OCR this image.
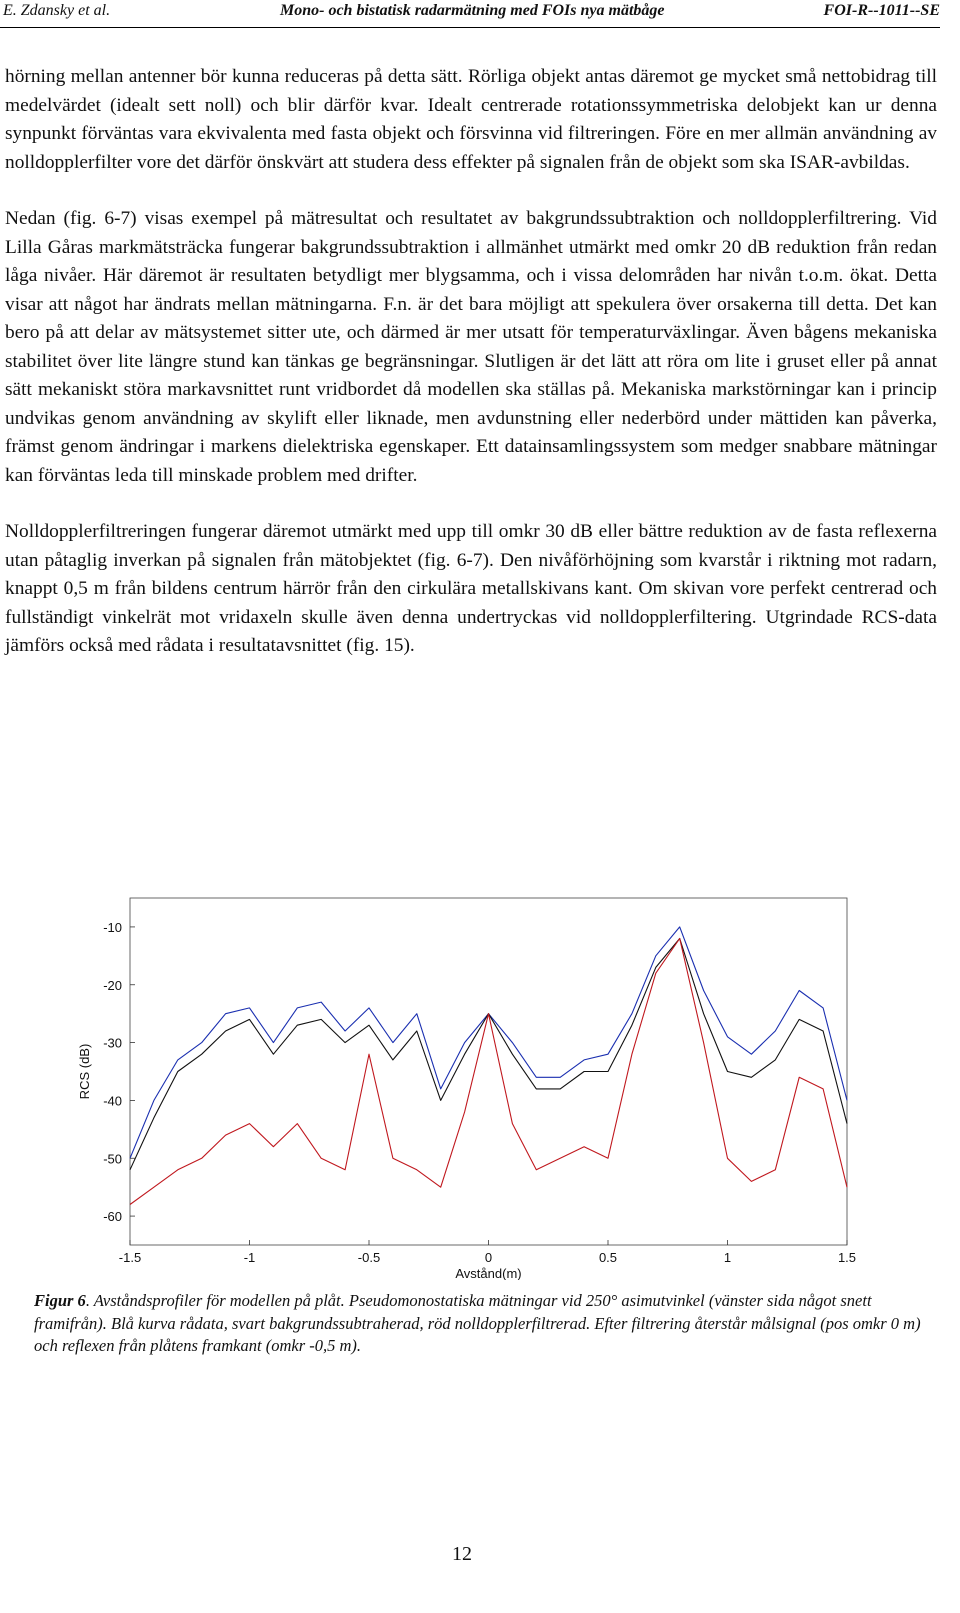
E. Zdansky et al.	Mono- och bistatisk radarmätning med FOIs nya mätbåge	FOI-R--1011--SE

hörning mellan antenner bör kunna reduceras på detta sätt. Rörliga objekt antas däremot ge mycket små nettobidrag till medelvärdet (idealt sett noll) och blir därför kvar. Idealt centrerade rotationssymmetriska delobjekt kan ur denna synpunkt förväntas vara ekvivalenta med fasta objekt och försvinna vid filtreringen. Före en mer allmän användning av nolldopplerfilter vore det därför önskvärt att studera dess effekter på signalen från de objekt som ska ISAR-avbildas.

Nedan (fig. 6-7) visas exempel på mätresultat och resultatet av bakgrundssubtraktion och nolldopplerfiltrering. Vid Lilla Gåras markmätsträcka fungerar bakgrundssubtraktion i allmänhet utmärkt med omkr 20 dB reduktion från redan låga nivåer. Här däremot är resultaten betydligt mer blygsamma, och i vissa delområden har nivån t.o.m. ökat. Detta visar att något har ändrats mellan mätningarna. F.n. är det bara möjligt att spekulera över orsakerna till detta. Det kan bero på att delar av mätsystemet sitter ute, och därmed är mer utsatt för temperaturväxlingar. Även bågens mekaniska stabilitet över lite längre stund kan tänkas ge begränsningar. Slutligen är det lätt att röra om lite i gruset eller på annat sätt mekaniskt störa markavsnittet runt vridbordet då modellen ska ställas på. Mekaniska markstörningar kan i princip undvikas genom användning av skylift eller liknade, men avdunstning eller nederbörd under mättiden kan påverka, främst genom ändringar i markens dielektriska egenskaper. Ett datainsamlingssystem som medger snabbare mätningar kan förväntas leda till minskade problem med drifter.

Nolldopplerfiltreringen fungerar däremot utmärkt med upp till omkr 30 dB eller bättre reduktion av de fasta reflexerna utan påtaglig inverkan på signalen från mätobjektet (fig. 6-7). Den nivåförhöjning som kvarstår i riktning mot radarn, knappt 0,5 m från bildens centrum härrör från den cirkulära metallskivans kant. Om skivan vore perfekt centrerad och fullständigt vinkelrät mot vridaxeln skulle även denna undertryckas vid nolldopplerfiltering. Utgrindade RCS-data jämförs också med rådata i resultatavsnittet (fig. 15).

-1.5	-1	-0.5	0	0.5	1	1.5
-10
-20
-30
-40
-50
-60
Avstånd(m)
RCS (dB)
Figur 6. Avståndsprofiler för modellen på plåt. Pseudomonostatiska mätningar vid 250° asimutvinkel (vänster sida något snett framifrån). Blå kurva rådata, svart bakgrundssubtraherad, röd nolldopplerfiltrerad. Efter filtrering återstår målsignal (pos omkr 0 m) och reflexen från plåtens framkant (omkr -0,5 m).
12
